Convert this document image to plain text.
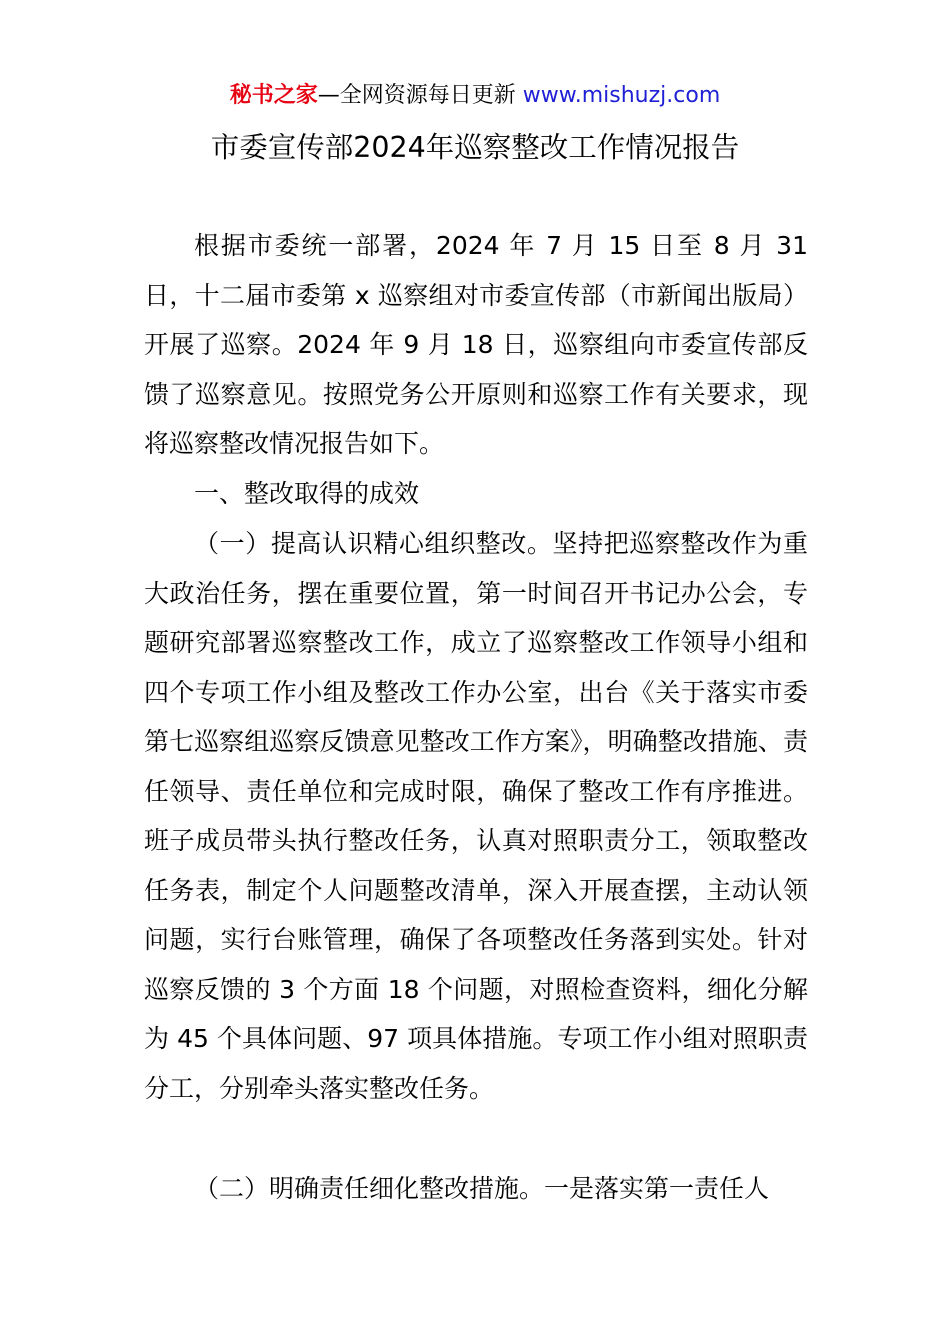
秘书之家—全网资源每日更新 www.mishuzj.com
市委宣传部2024年巡察整改工作情况报告

根据市委统一部署，2024 年 7 月 15 日至 8 月 31 日，十二届市委第 x 巡察组对市委宣传部（市新闻出版局）开展了巡察。2024 年 9 月 18 日，巡察组向市委宣传部反馈了巡察意见。按照党务公开原则和巡察工作有关要求，现将巡察整改情况报告如下。

一、整改取得的成效

（一）提高认识精心组织整改。坚持把巡察整改作为重大政治任务，摆在重要位置，第一时间召开书记办公会，专题研究部署巡察整改工作，成立了巡察整改工作领导小组和四个专项工作小组及整改工作办公室，出台《关于落实市委第七巡察组巡察反馈意见整改工作方案》，明确整改措施、责任领导、责任单位和完成时限，确保了整改工作有序推进。班子成员带头执行整改任务，认真对照职责分工，领取整改任务表，制定个人问题整改清单，深入开展查摆，主动认领问题，实行台账管理，确保了各项整改任务落到实处。针对巡察反馈的 3 个方面 18 个问题，对照检查资料，细化分解为 45 个具体问题、97 项具体措施。专项工作小组对照职责分工，分别牵头落实整改任务。

（二）明确责任细化整改措施。一是落实第一责任人
